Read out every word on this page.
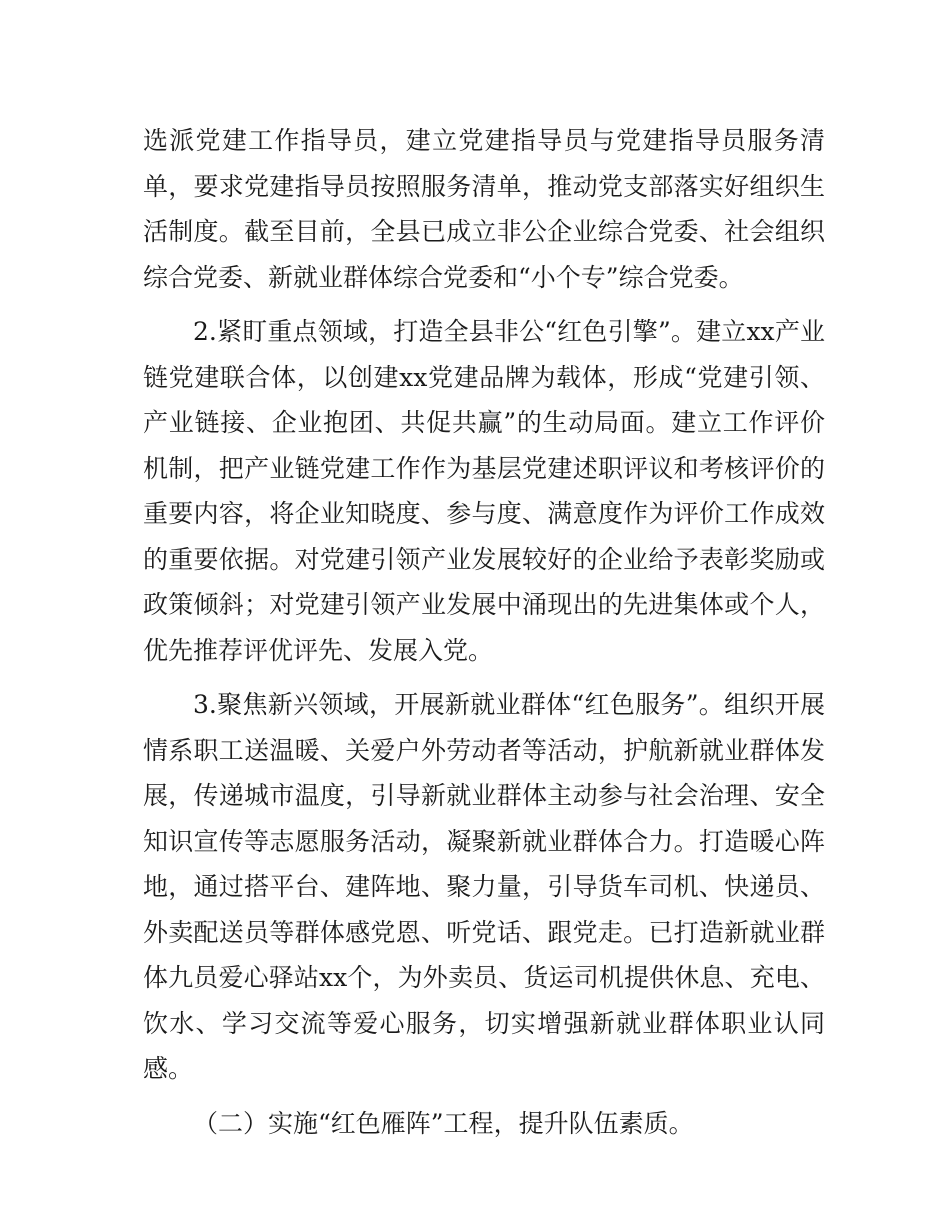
选派党建工作指导员，建立党建指导员与党建指导员服务清单，要求党建指导员按照服务清单，推动党支部落实好组织生活制度。截至目前，全县已成立非公企业综合党委、社会组织综合党委、新就业群体综合党委和“小个专”综合党委。

2.紧盯重点领域，打造全县非公“红色引擎”。建立xx产业链党建联合体，以创建xx党建品牌为载体，形成“党建引领、产业链接、企业抱团、共促共赢”的生动局面。建立工作评价机制，把产业链党建工作作为基层党建述职评议和考核评价的重要内容，将企业知晓度、参与度、满意度作为评价工作成效的重要依据。对党建引领产业发展较好的企业给予表彰奖励或政策倾斜；对党建引领产业发展中涌现出的先进集体或个人，优先推荐评优评先、发展入党。

3.聚焦新兴领域，开展新就业群体“红色服务”。组织开展情系职工送温暖、关爱户外劳动者等活动，护航新就业群体发展，传递城市温度，引导新就业群体主动参与社会治理、安全知识宣传等志愿服务活动，凝聚新就业群体合力。打造暖心阵地，通过搭平台、建阵地、聚力量，引导货车司机、快递员、外卖配送员等群体感党恩、听党话、跟党走。已打造新就业群体九员爱心驿站xx个，为外卖员、货运司机提供休息、充电、饮水、学习交流等爱心服务，切实增强新就业群体职业认同感。

（二）实施“红色雁阵”工程，提升队伍素质。
